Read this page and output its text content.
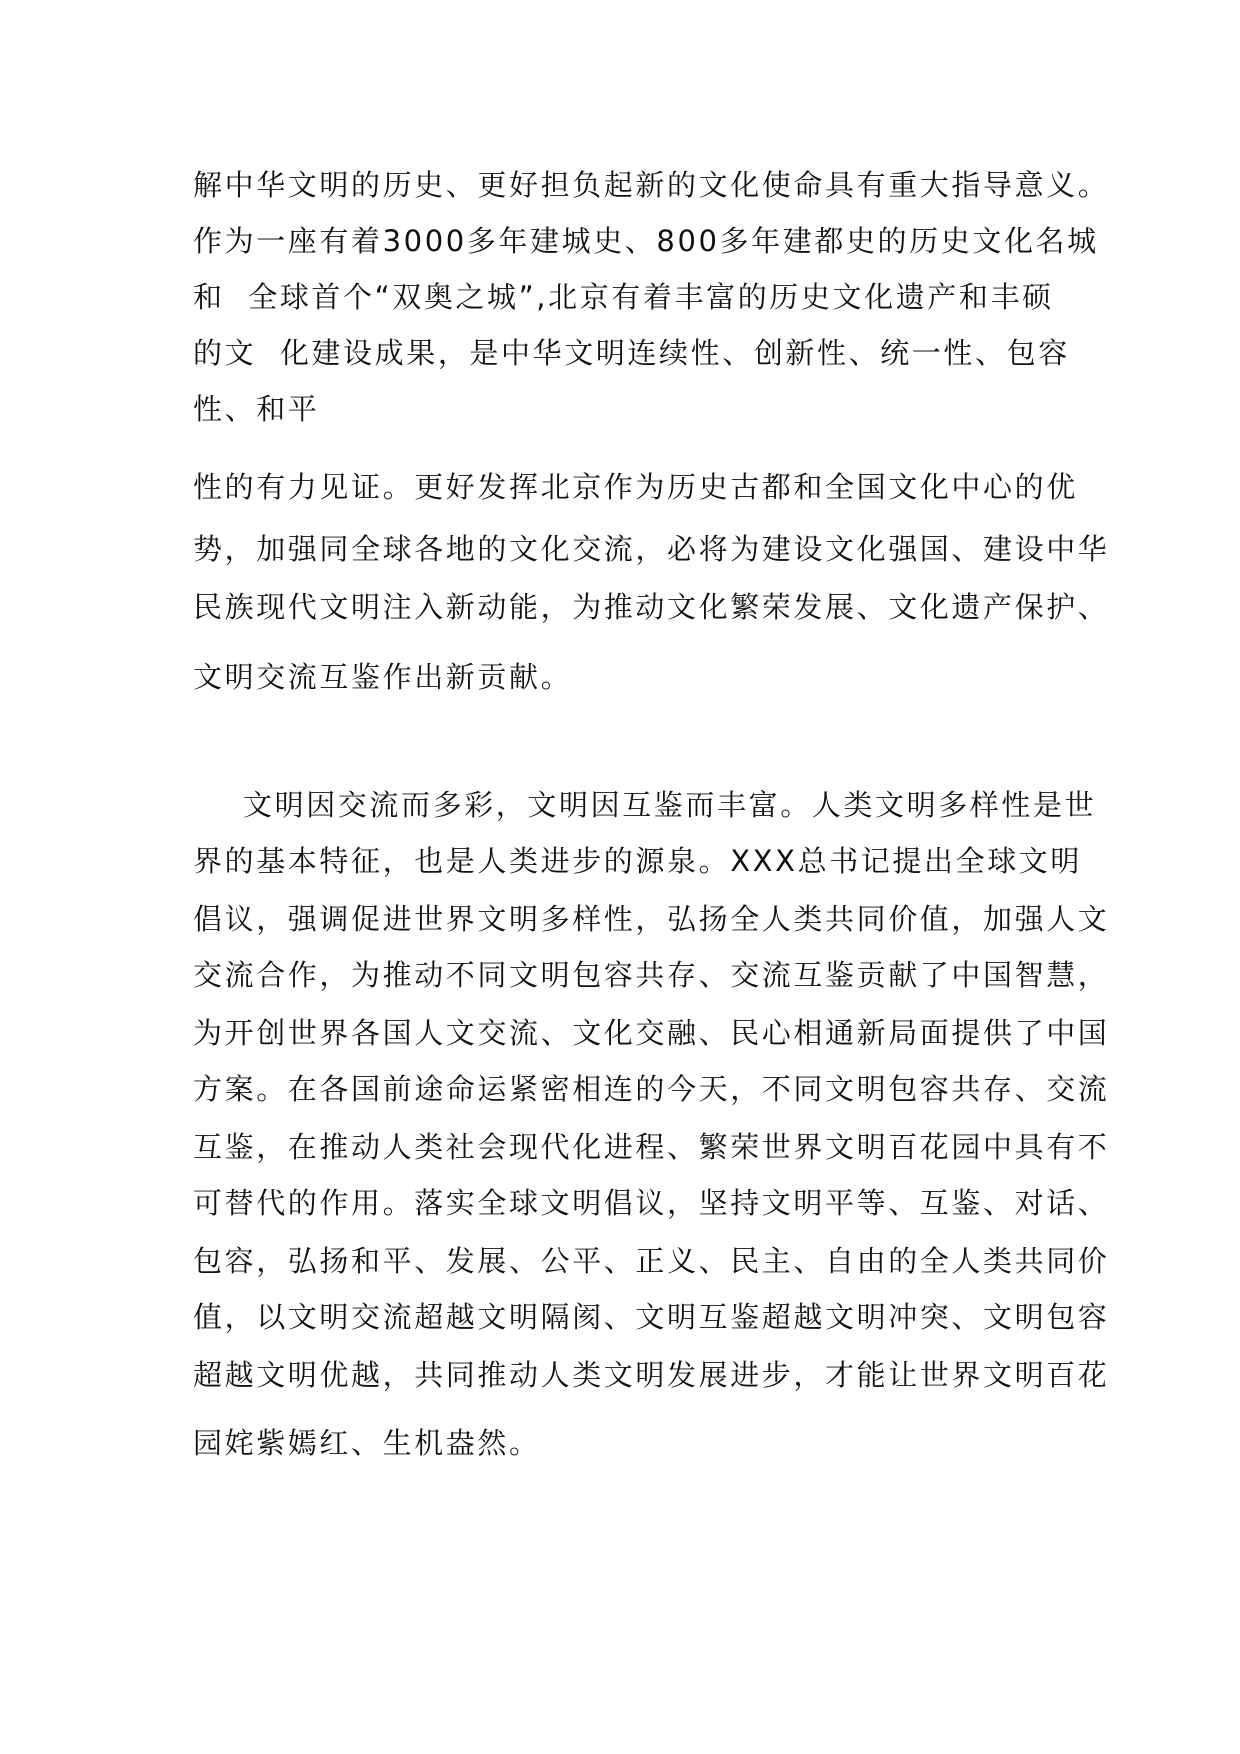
解中华文明的历史、更好担负起新的文化使命具有重大指导意义。
作为一座有着3000多年建城史、800多年建都史的历史文化名城
和  全球首个“双奥之城”,北京有着丰富的历史文化遗产和丰硕
的文  化建设成果，是中华文明连续性、创新性、统一性、包容
性、和平
性的有力见证。更好发挥北京作为历史古都和全国文化中心的优
势，加强同全球各地的文化交流，必将为建设文化强国、建设中华
民族现代文明注入新动能，为推动文化繁荣发展、文化遗产保护、
文明交流互鉴作出新贡献。
文明因交流而多彩，文明因互鉴而丰富。人类文明多样性是世
界的基本特征，也是人类进步的源泉。XXX总书记提出全球文明
倡议，强调促进世界文明多样性，弘扬全人类共同价值，加强人文
交流合作，为推动不同文明包容共存、交流互鉴贡献了中国智慧，
为开创世界各国人文交流、文化交融、民心相通新局面提供了中国
方案。在各国前途命运紧密相连的今天，不同文明包容共存、交流
互鉴，在推动人类社会现代化进程、繁荣世界文明百花园中具有不
可替代的作用。落实全球文明倡议，坚持文明平等、互鉴、对话、
包容，弘扬和平、发展、公平、正义、民主、自由的全人类共同价
值，以文明交流超越文明隔阂、文明互鉴超越文明冲突、文明包容
超越文明优越，共同推动人类文明发展进步，才能让世界文明百花
园姹紫嫣红、生机盎然。
